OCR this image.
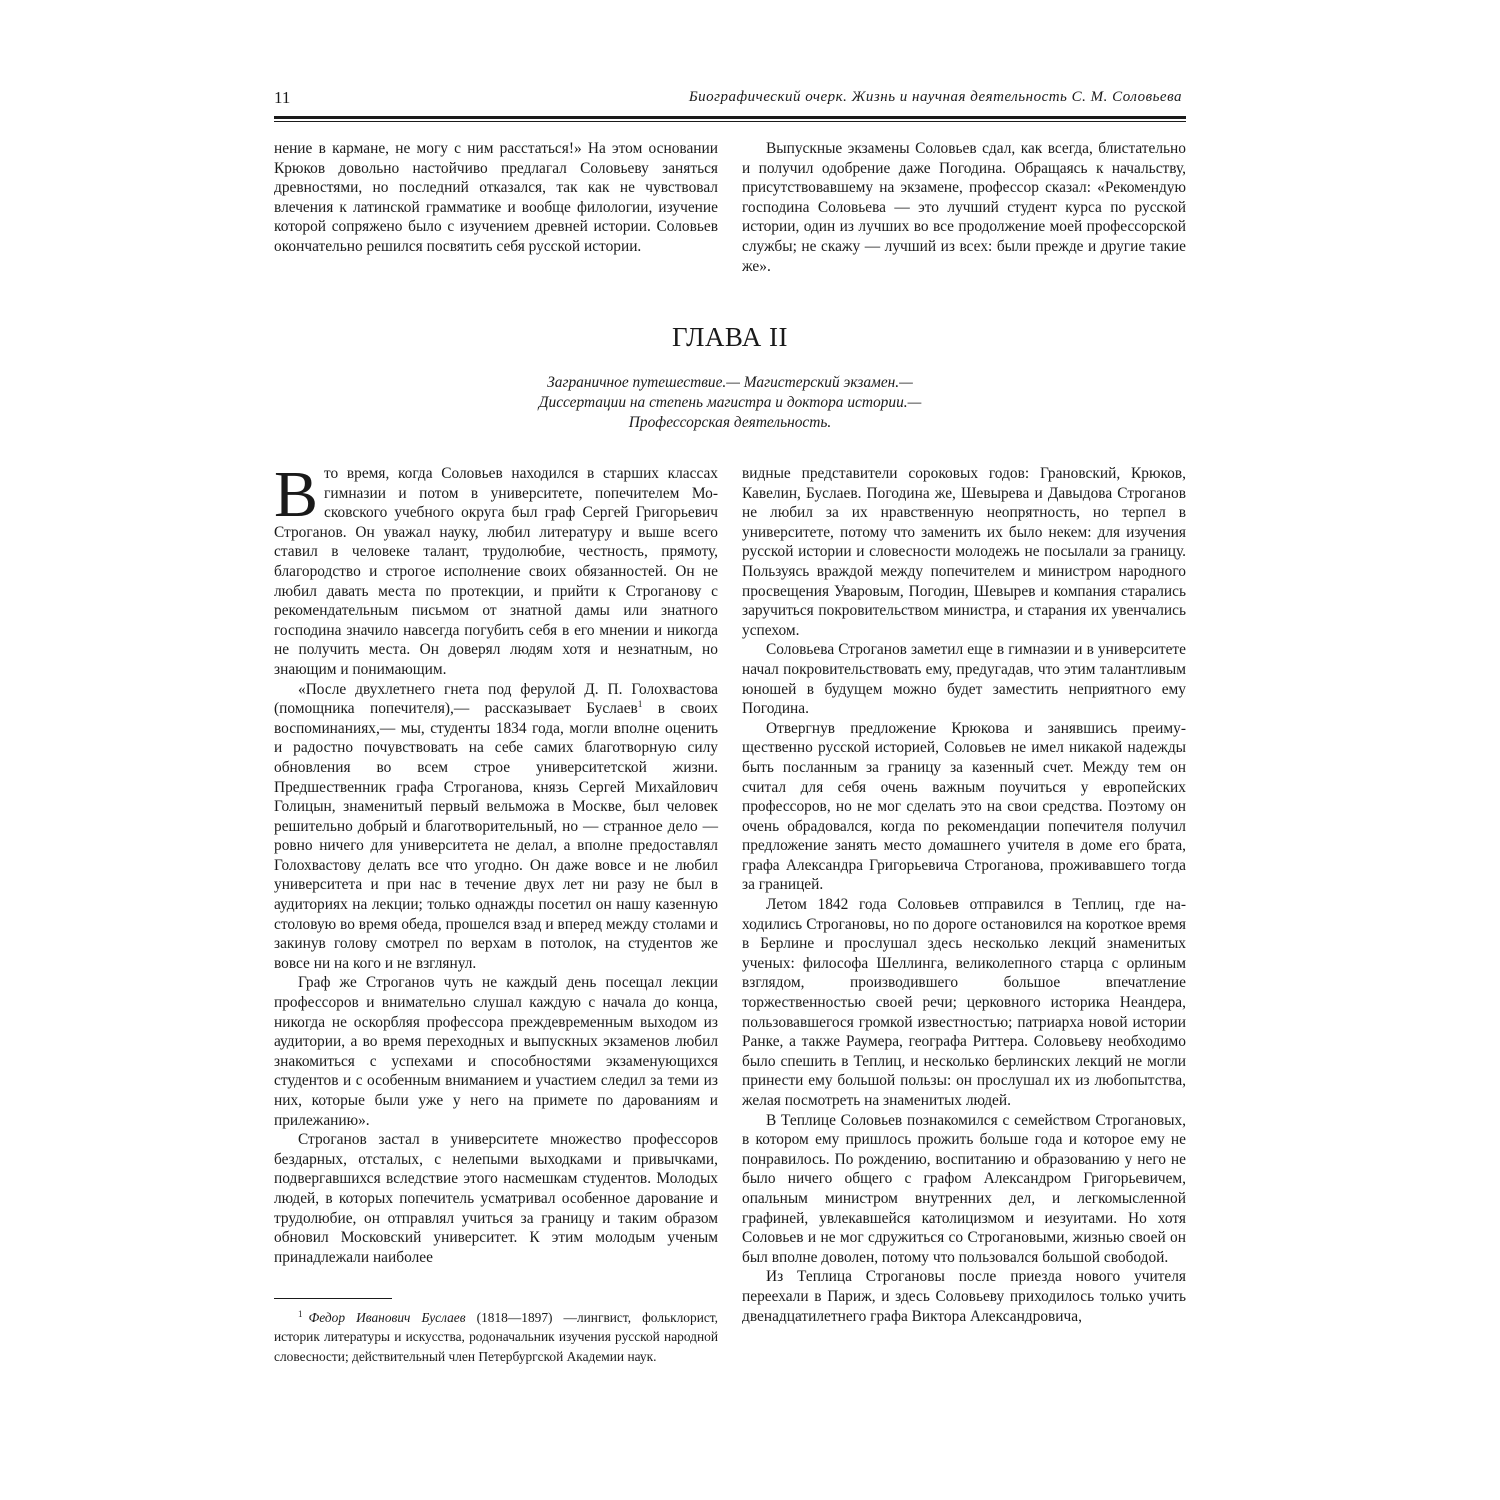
11	Биографический очерк. Жизнь и научная деятельность С. М. Соловьева

нение в кармане, не могу с ним расстаться!» На этом основании Крюков довольно настойчиво предлагал Соловьеву заняться древностями, но последний отказался, так как не чувствовал влечения к латинской грамматике и вообще филологии, изучение которой сопряжено было с изучением древней истории. Соловьев окончательно решился посвятить себя русской истории.

Выпускные экзамены Соловьев сдал, как всегда, блистательно и получил одобрение даже Погодина. Обращаясь к начальству, присутствовавшему на экзамене, профессор сказал: «Рекомендую господина Соловьева — это лучший студент курса по русской истории, один из лучших во все продолжение моей профессорской службы; не скажу — лучший из всех: были прежде и другие такие же».

ГЛАВА II
Заграничное путешествие.— Магистерский экзамен.—
Диссертации на степень магистра и доктора истории.—
Профессорская деятельность.

Вто время, когда Соловьев находился в старших классах гимназии и потом в университете, попечителем Московского учебного округа был граф Сергей Григорьевич Строганов. Он уважал науку, любил литературу и выше всего ставил в человеке талант, трудолюбие, честность, прямоту, благородство и строгое исполнение своих обязанностей. Он не любил давать места по протекции, и прийти к Строганову с рекомендательным письмом от знатной дамы или знатного господина значило навсегда погубить себя в его мнении и никогда не получить места. Он доверял людям хотя и незнатным, но знающим и понимающим.

«После двухлетнего гнета под ферулой Д. П. Голохвастова (помощника попечителя),— рассказывает Буслаев$^1$ в своих воспоминаниях,— мы, студенты 1834 года, могли вполне оценить и радостно почувствовать на себе самих благотворную силу обновления во всем строе университетской жизни. Предшественник графа Строганова, князь Сергей Михайлович Голицын, знаменитый первый вельможа в Москве, был человек решительно добрый и благотворительный, но — странное дело — ровно ничего для университета не делал, а вполне предоставлял Голохвастову делать все что угодно. Он даже вовсе и не любил университета и при нас в течение двух лет ни разу не был в аудиториях на лекции; только однажды посетил он нашу казенную столовую во время обеда, прошелся взад и вперед между столами и закинув голову смотрел по верхам в потолок, на студентов же вовсе ни на кого и не взглянул.

Граф же Строганов чуть не каждый день посещал лекции профессоров и внимательно слушал каждую с начала до конца, никогда не оскорбляя профессора преждевременным выходом из аудитории, а во время переходных и выпускных экзаменов любил знакомиться с успехами и способностями экзаменующихся студентов и с особенным вниманием и участием следил за теми из них, которые были уже у него на примете по дарованиям и прилежанию».

Строганов застал в университете множество профессоров бездарных, отсталых, с нелепыми выходками и привычками, подвергавшихся вследствие этого насмешкам студентов. Молодых людей, в которых попечитель усматривал особенное дарование и трудолюбие, он отправлял учиться за границу и таким образом обновил Московский университет. К этим молодым ученым принадлежали наиболее

видные представители сороковых годов: Грановский, Крюков, Кавелин, Буслаев. Погодина же, Шевырева и Давыдова Строганов не любил за их нравственную неопрятность, но терпел в университете, потому что заменить их было некем: для изучения русской истории и словесности молодежь не посылали за границу. Пользуясь враждой между попечителем и министром народного просвещения Уваровым, Погодин, Шевырев и компания старались заручиться покровительством министра, и старания их увенчались успехом.

Соловьева Строганов заметил еще в гимназии и в университете начал покровительствовать ему, предугадав, что этим талантливым юношей в будущем можно будет заместить неприятного ему Погодина.

Отвергнув предложение Крюкова и занявшись преимущественно русской историей, Соловьев не имел никакой надежды быть посланным за границу за казенный счет. Между тем он считал для себя очень важным поучиться у европейских профессоров, но не мог сделать это на свои средства. Поэтому он очень обрадовался, когда по рекомендации попечителя получил предложение занять место домашнего учителя в доме его брата, графа Александра Григорьевича Строганова, проживавшего тогда за границей.

Летом 1842 года Соловьев отправился в Теплиц, где находились Строгановы, но по дороге остановился на короткое время в Берлине и прослушал здесь несколько лекций знаменитых ученых: философа Шеллинга, великолепного старца с орлиным взглядом, производившего большое впечатление торжественностью своей речи; церковного историка Неандера, пользовавшегося громкой известностью; патриарха новой истории Ранке, а также Раумера, географа Риттера. Соловьеву необходимо было спешить в Теплиц, и несколько берлинских лекций не могли принести ему большой пользы: он прослушал их из любопытства, желая посмотреть на знаменитых людей.

В Теплице Соловьев познакомился с семейством Строгановых, в котором ему пришлось прожить больше года и которое ему не понравилось. По рождению, воспитанию и образованию у него не было ничего общего с графом Александром Григорьевичем, опальным министром внутренних дел, и легкомысленной графиней, увлекавшейся католицизмом и иезуитами. Но хотя Соловьев и не мог сдружиться со Строгановыми, жизнью своей он был вполне доволен, потому что пользовался большой свободой.

Из Теплица Строгановы после приезда нового учителя переехали в Париж, и здесь Соловьеву приходилось только учить двенадцатилетнего графа Виктора Александровича,

$^1$ Федор Иванович Буслаев (1818—1897) —лингвист, фольклорист, историк литературы и искусства, родоначальник изучения русской народной словесности; действительный член Петербургской Академии наук.
